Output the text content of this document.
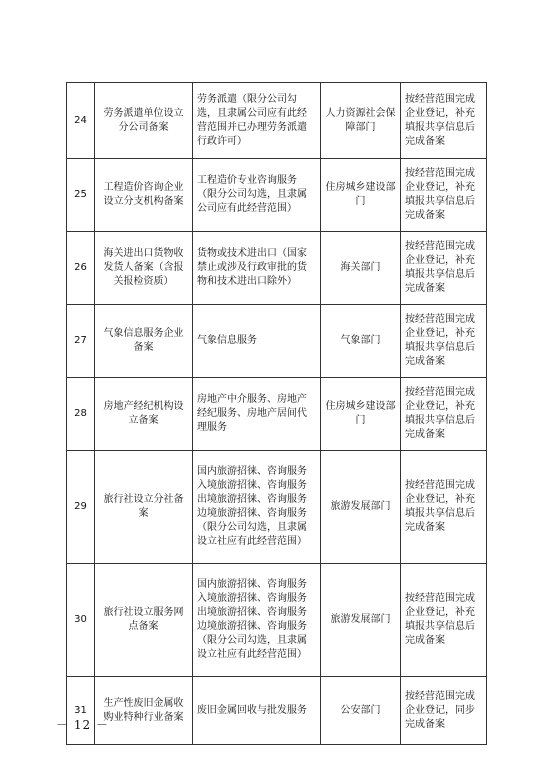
24	劳务派遣单位设立分公司备案	劳务派遣（限分公司勾选，且隶属公司应有此经营范围并已办理劳务派遣行政许可）	人力资源社会保障部门	按经营范围完成企业登记，补充填报共享信息后完成备案
25	工程造价咨询企业设立分支机构备案	工程造价专业咨询服务（限分公司勾选，且隶属公司应有此经营范围）	住房城乡建设部门	按经营范围完成企业登记，补充填报共享信息后完成备案
26	海关进出口货物收发货人备案（含报关报检资质）	货物或技术进出口（国家禁止或涉及行政审批的货物和技术进出口除外）	海关部门	按经营范围完成企业登记，补充填报共享信息后完成备案
27	气象信息服务企业备案	气象信息服务	气象部门	按经营范围完成企业登记，补充填报共享信息后完成备案
28	房地产经纪机构设立备案	房地产中介服务、房地产经纪服务、房地产居间代理服务	住房城乡建设部门	按经营范围完成企业登记，补充填报共享信息后完成备案
29	旅行社设立分社备案	国内旅游招徕、咨询服务入境旅游招徕、咨询服务出境旅游招徕、咨询服务边境旅游招徕、咨询服务（限分公司勾选，且隶属设立社应有此经营范围）	旅游发展部门	按经营范围完成企业登记，补充填报共享信息后完成备案
30	旅行社设立服务网点备案	国内旅游招徕、咨询服务入境旅游招徕、咨询服务出境旅游招徕、咨询服务边境旅游招徕、咨询服务（限分公司勾选，且隶属设立社应有此经营范围）	旅游发展部门	按经营范围完成企业登记，补充填报共享信息后完成备案
31	生产性废旧金属收购业特种行业备案	废旧金属回收与批发服务	公安部门	按经营范围完成企业登记，同步完成备案
－ 12 －
